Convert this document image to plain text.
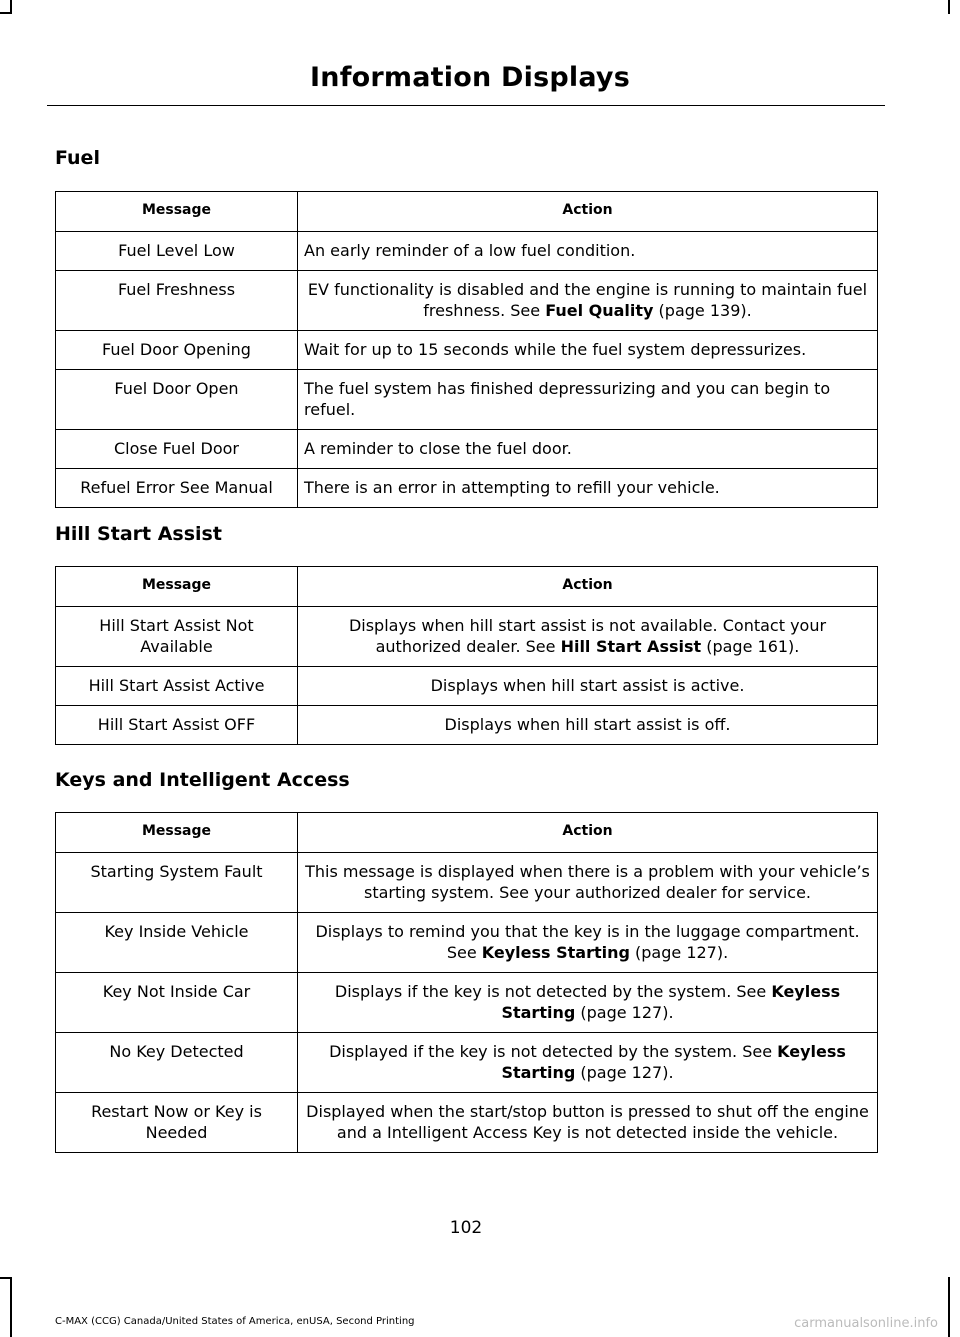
Information Displays
Fuel
Message	Action
Fuel Level Low	An early reminder of a low fuel condition.
Fuel Freshness	EV functionality is disabled and the engine is running to maintain fuel freshness. See Fuel Quality (page 139).
Fuel Door Opening	Wait for up to 15 seconds while the fuel system depressurizes.
Fuel Door Open	The fuel system has finished depressurizing and you can begin to refuel.
Close Fuel Door	A reminder to close the fuel door.
Refuel Error See Manual	There is an error in attempting to refill your vehicle.
Hill Start Assist
Message	Action
Hill Start Assist Not Available	Displays when hill start assist is not available. Contact your authorized dealer. See Hill Start Assist (page 161).
Hill Start Assist Active	Displays when hill start assist is active.
Hill Start Assist OFF	Displays when hill start assist is off.
Keys and Intelligent Access
Message	Action
Starting System Fault	This message is displayed when there is a problem with your vehicle’s starting system. See your authorized dealer for service.
Key Inside Vehicle	Displays to remind you that the key is in the luggage compartment. See Keyless Starting (page 127).
Key Not Inside Car	Displays if the key is not detected by the system. See Keyless Starting (page 127).
No Key Detected	Displayed if the key is not detected by the system. See Keyless Starting (page 127).
Restart Now or Key is Needed	Displayed when the start/stop button is pressed to shut off the engine and a Intelligent Access Key is not detected inside the vehicle.
102
C-MAX (CCG) Canada/United States of America, enUSA, Second Printing	carmanualsonline.info
